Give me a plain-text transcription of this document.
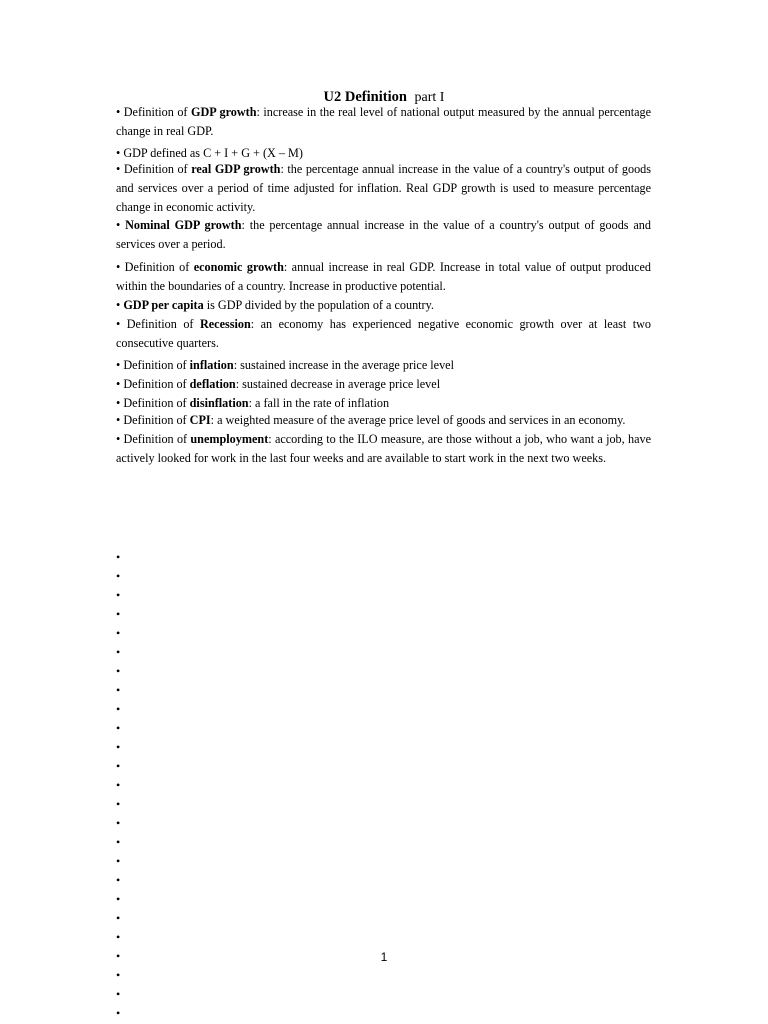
U2 Definition part I

• Definition of GDP growth: increase in the real level of national output measured by the annual percentage change in real GDP.

• GDP defined as C + I + G + (X – M)

• Definition of real GDP growth: the percentage annual increase in the value of a country's output of goods and services over a period of time adjusted for inflation. Real GDP growth is used to measure percentage change in economic activity.

• Nominal GDP growth: the percentage annual increase in the value of a country's output of goods and services over a period.

• Definition of economic growth: annual increase in real GDP. Increase in total value of output produced within the boundaries of a country. Increase in productive potential.

• GDP per capita is GDP divided by the population of a country.

• Definition of Recession: an economy has experienced negative economic growth over at least two consecutive quarters.

• Definition of inflation: sustained increase in the average price level

• Definition of deflation: sustained decrease in average price level

• Definition of disinflation: a fall in the rate of inflation

• Definition of CPI: a weighted measure of the average price level of goods and services in an economy.

• Definition of unemployment: according to the ILO measure, are those without a job, who want a job, have actively looked for work in the last four weeks and are available to start work in the next two weeks.

•
•
•
•
•
•
•
•
•
•
•
•
•
•
•
•
•
•
•
•
•
•
•
•
•
1
